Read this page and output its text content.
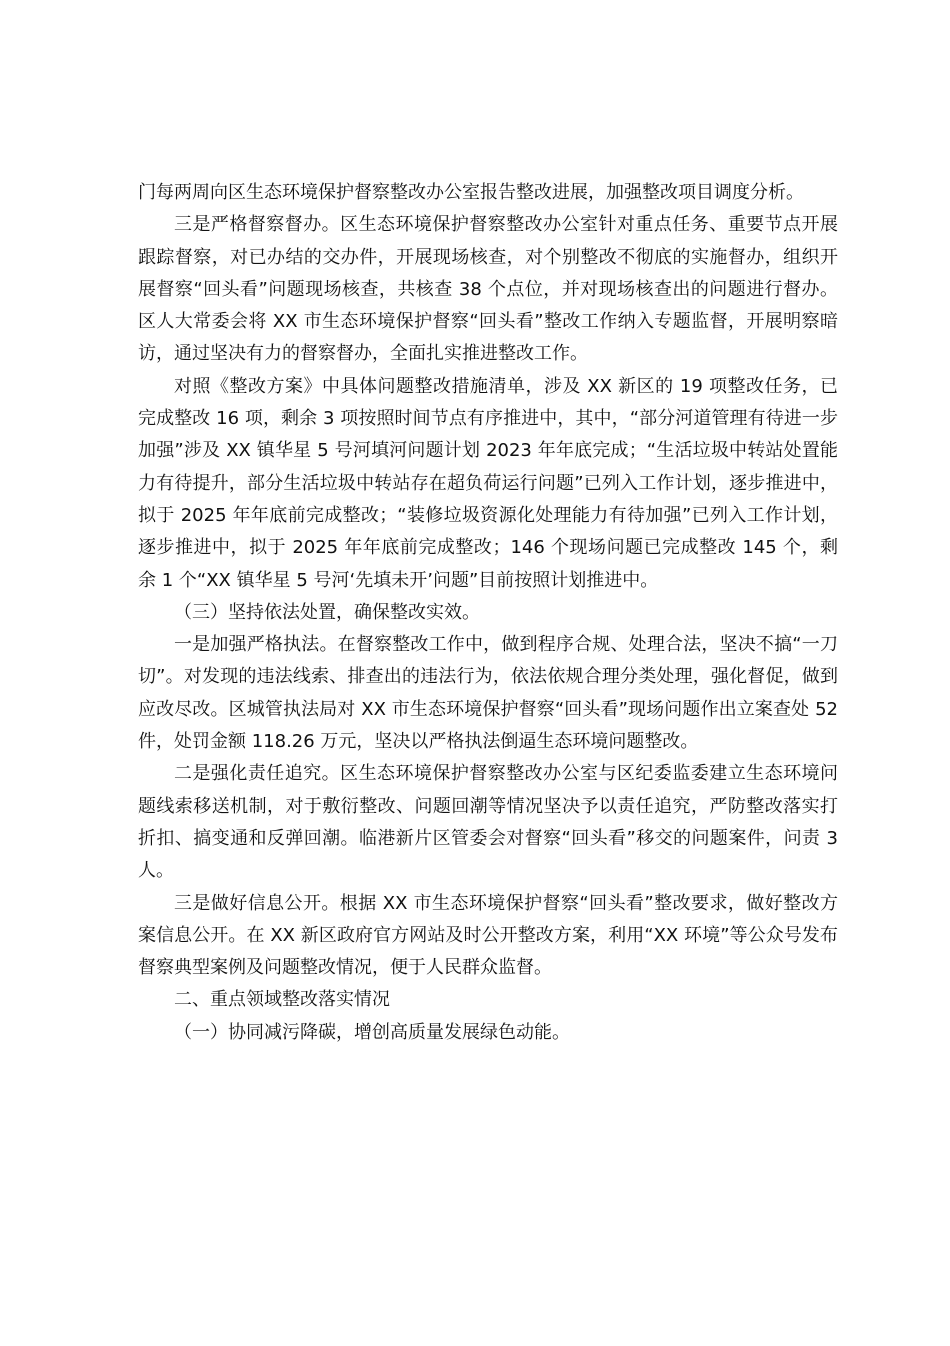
门每两周向区生态环境保护督察整改办公室报告整改进展，加强整改项目调度分析。

三是严格督察督办。区生态环境保护督察整改办公室针对重点任务、重要节点开展跟踪督察，对已办结的交办件，开展现场核查，对个别整改不彻底的实施督办，组织开展督察“回头看”问题现场核查，共核查 38 个点位，并对现场核查出的问题进行督办。区人大常委会将 XX 市生态环境保护督察“回头看”整改工作纳入专题监督，开展明察暗访，通过坚决有力的督察督办，全面扎实推进整改工作。

对照《整改方案》中具体问题整改措施清单，涉及 XX 新区的 19 项整改任务，已完成整改 16 项，剩余 3 项按照时间节点有序推进中，其中，“部分河道管理有待进一步加强”涉及 XX 镇华星 5 号河填河问题计划 2023 年年底完成；“生活垃圾中转站处置能力有待提升，部分生活垃圾中转站存在超负荷运行问题”已列入工作计划，逐步推进中，拟于 2025 年年底前完成整改；“装修垃圾资源化处理能力有待加强”已列入工作计划，逐步推进中，拟于 2025 年年底前完成整改；146 个现场问题已完成整改 145 个，剩余 1 个“XX 镇华星 5 号河‘先填未开’问题”目前按照计划推进中。

（三）坚持依法处置，确保整改实效。

一是加强严格执法。在督察整改工作中，做到程序合规、处理合法，坚决不搞“一刀切”。对发现的违法线索、排查出的违法行为，依法依规合理分类处理，强化督促，做到应改尽改。区城管执法局对 XX 市生态环境保护督察“回头看”现场问题作出立案查处 52 件，处罚金额 118.26 万元，坚决以严格执法倒逼生态环境问题整改。

二是强化责任追究。区生态环境保护督察整改办公室与区纪委监委建立生态环境问题线索移送机制，对于敷衍整改、问题回潮等情况坚决予以责任追究，严防整改落实打折扣、搞变通和反弹回潮。临港新片区管委会对督察“回头看”移交的问题案件，问责 3 人。

三是做好信息公开。根据 XX 市生态环境保护督察“回头看”整改要求，做好整改方案信息公开。在 XX 新区政府官方网站及时公开整改方案，利用“XX 环境”等公众号发布督察典型案例及问题整改情况，便于人民群众监督。

二、重点领域整改落实情况

（一）协同减污降碳，增创高质量发展绿色动能。
